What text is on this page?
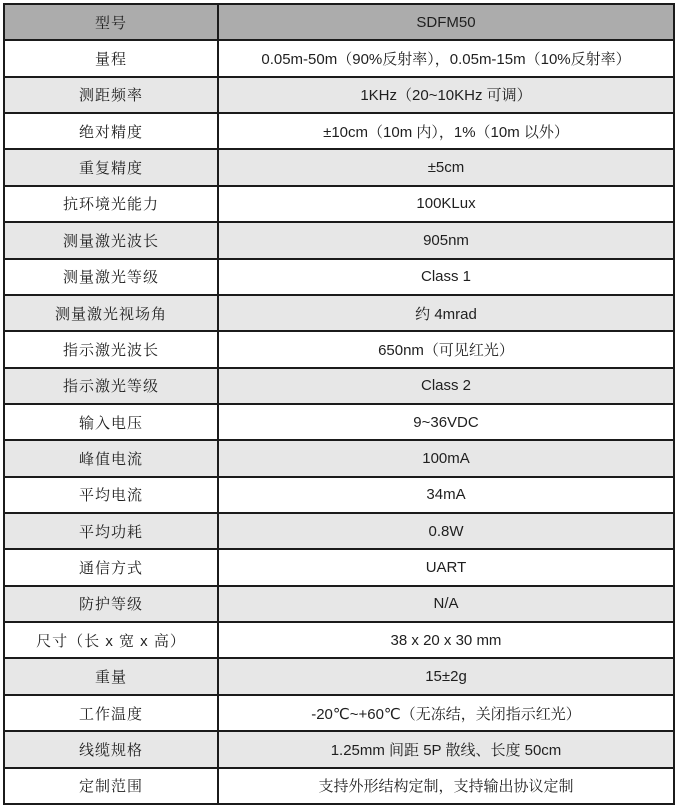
型号	SDFM50
量程	0.05m-50m（90%反射率），0.05m-15m（10%反射率）
测距频率	1KHz（20~10KHz 可调）
绝对精度	±10cm（10m 内），1%（10m 以外）
重复精度	±5cm
抗环境光能力	100KLux
测量激光波长	905nm
测量激光等级	Class 1
测量激光视场角	约 4mrad
指示激光波长	650nm（可见红光）
指示激光等级	Class 2
输入电压	9~36VDC
峰值电流	100mA
平均电流	34mA
平均功耗	0.8W
通信方式	UART
防护等级	N/A
尺寸（长 x 宽 x 高）	38 x 20 x 30 mm
重量	15±2g
工作温度	-20℃~+60℃（无冻结，关闭指示红光）
线缆规格	1.25mm 间距 5P 散线、长度 50cm
定制范围	支持外形结构定制，支持输出协议定制
